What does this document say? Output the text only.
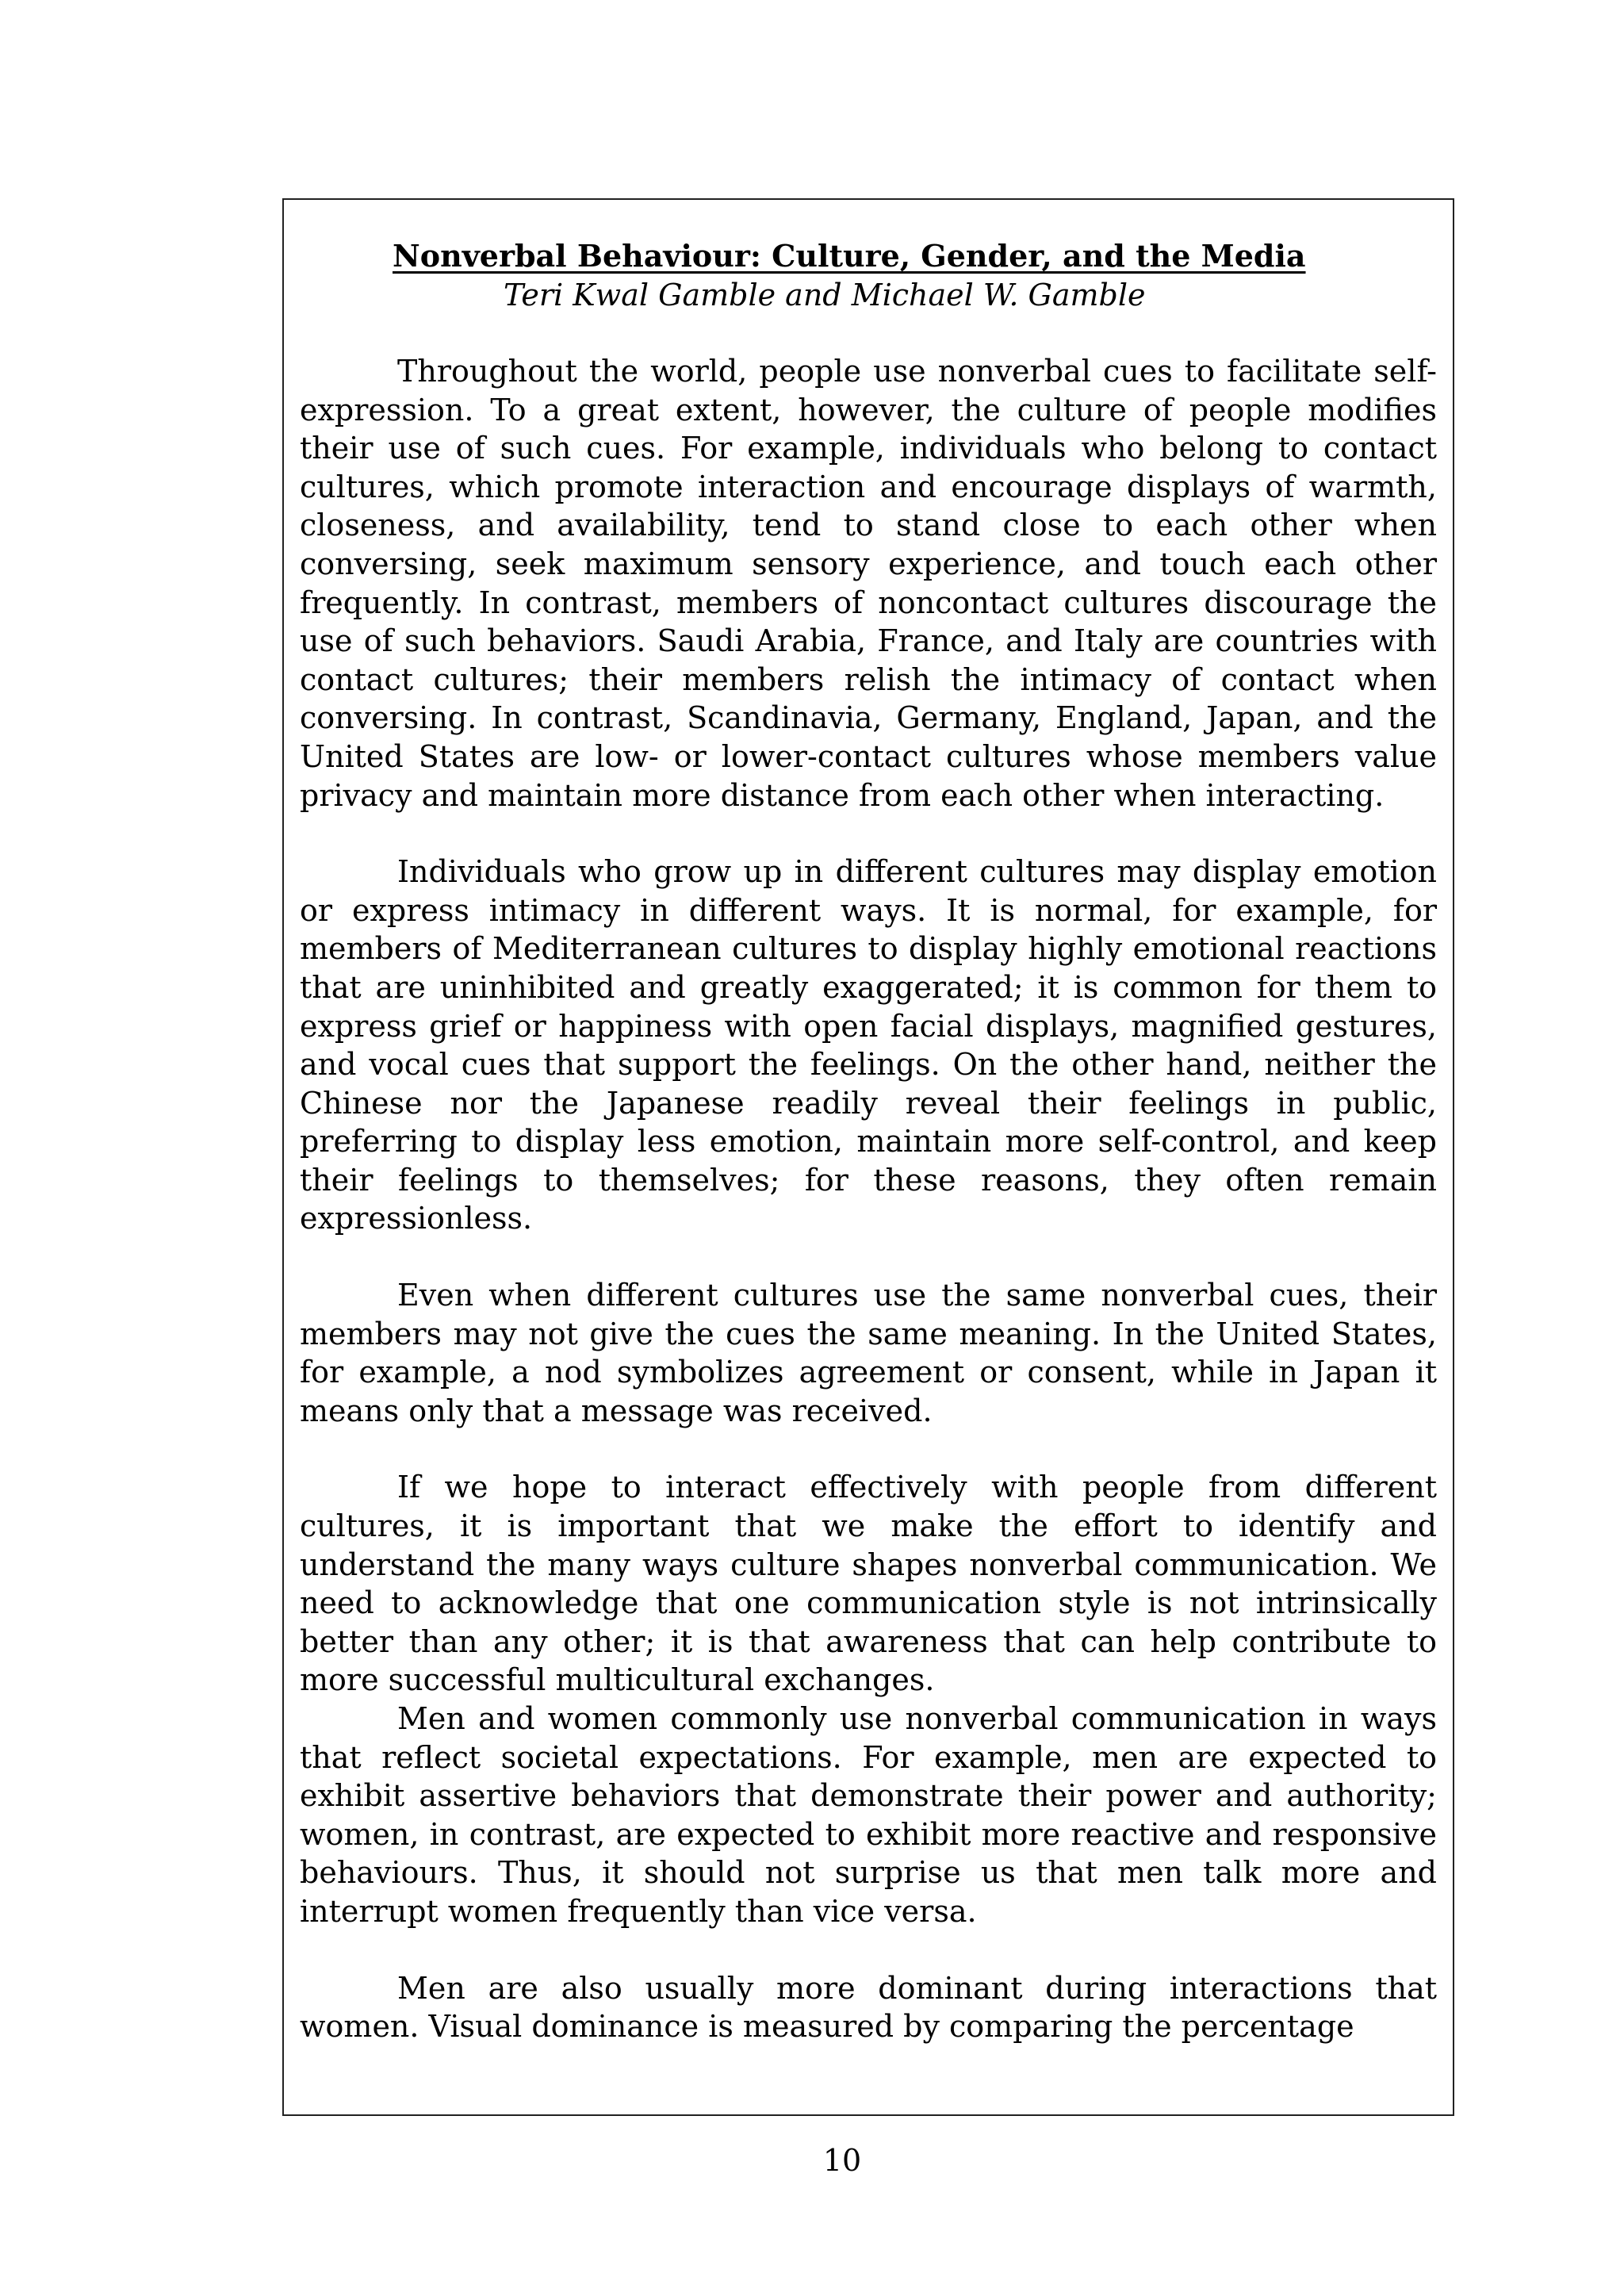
Nonverbal Behaviour: Culture, Gender, and the Media
Teri Kwal Gamble and Michael W. Gamble

Throughout the world, people use nonverbal cues to facilitate self-expression. To a great extent, however, the culture of people modifies their use of such cues. For example, individuals who belong to contact cultures, which promote interaction and encourage displays of warmth, closeness, and availability, tend to stand close to each other when conversing, seek maximum sensory experience, and touch each other frequently. In contrast, members of noncontact cultures discourage the use of such behaviors. Saudi Arabia, France, and Italy are countries with contact cultures; their members relish the intimacy of contact when conversing. In contrast, Scandinavia, Germany, England, Japan, and the United States are low- or lower-contact cultures whose members value privacy and maintain more distance from each other when interacting.

Individuals who grow up in different cultures may display emotion or express intimacy in different ways. It is normal, for example, for members of Mediterranean cultures to display highly emotional reactions that are uninhibited and greatly exaggerated; it is common for them to express grief or happiness with open facial displays, magnified gestures, and vocal cues that support the feelings. On the other hand, neither the Chinese nor the Japanese readily reveal their feelings in public, preferring to display less emotion, maintain more self-control, and keep their feelings to themselves; for these reasons, they often remain expressionless.

Even when different cultures use the same nonverbal cues, their members may not give the cues the same meaning. In the United States, for example, a nod symbolizes agreement or consent, while in Japan it means only that a message was received.

If we hope to interact effectively with people from different cultures, it is important that we make the effort to identify and understand the many ways culture shapes nonverbal communication. We need to acknowledge that one communication style is not intrinsically better than any other; it is that awareness that can help contribute to more successful multicultural exchanges.

Men and women commonly use nonverbal communication in ways that reflect societal expectations. For example, men are expected to exhibit assertive behaviors that demonstrate their power and authority; women, in contrast, are expected to exhibit more reactive and responsive behaviours. Thus, it should not surprise us that men talk more and interrupt women frequently than vice versa.

Men are also usually more dominant during interactions that women. Visual dominance is measured by comparing the percentage

10
